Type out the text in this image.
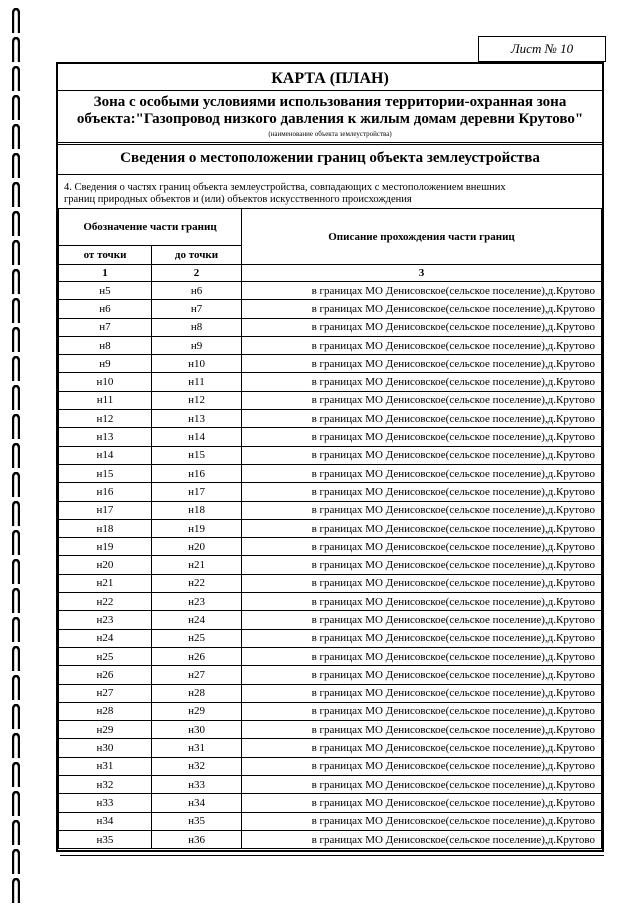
Лист № 10
КАРТА (ПЛАН)
Зона с особыми условиями использования территории-охранная зона
объекта:"Газопровод низкого давления к жилым домам деревни Крутово"
(наименование объекта землеустройства)
Сведения о местоположении границ объекта землеустройства
4. Сведения о частях границ объекта землеустройства, совпадающих с местоположением внешних
границ природных объектов и (или) объектов искусственного происхождения
Обозначение части границ		Описание прохождения части границ
от точки	до точки	
1	2	3
н5	н6	в границах МО Денисовское(сельское поселение),д.Крутово
н6	н7	в границах МО Денисовское(сельское поселение),д.Крутово
н7	н8	в границах МО Денисовское(сельское поселение),д.Крутово
н8	н9	в границах МО Денисовское(сельское поселение),д.Крутово
н9	н10	в границах МО Денисовское(сельское поселение),д.Крутово
н10	н11	в границах МО Денисовское(сельское поселение),д.Крутово
н11	н12	в границах МО Денисовское(сельское поселение),д.Крутово
н12	н13	в границах МО Денисовское(сельское поселение),д.Крутово
н13	н14	в границах МО Денисовское(сельское поселение),д.Крутово
н14	н15	в границах МО Денисовское(сельское поселение),д.Крутово
н15	н16	в границах МО Денисовское(сельское поселение),д.Крутово
н16	н17	в границах МО Денисовское(сельское поселение),д.Крутово
н17	н18	в границах МО Денисовское(сельское поселение),д.Крутово
н18	н19	в границах МО Денисовское(сельское поселение),д.Крутово
н19	н20	в границах МО Денисовское(сельское поселение),д.Крутово
н20	н21	в границах МО Денисовское(сельское поселение),д.Крутово
н21	н22	в границах МО Денисовское(сельское поселение),д.Крутово
н22	н23	в границах МО Денисовское(сельское поселение),д.Крутово
н23	н24	в границах МО Денисовское(сельское поселение),д.Крутово
н24	н25	в границах МО Денисовское(сельское поселение),д.Крутово
н25	н26	в границах МО Денисовское(сельское поселение),д.Крутово
н26	н27	в границах МО Денисовское(сельское поселение),д.Крутово
н27	н28	в границах МО Денисовское(сельское поселение),д.Крутово
н28	н29	в границах МО Денисовское(сельское поселение),д.Крутово
н29	н30	в границах МО Денисовское(сельское поселение),д.Крутово
н30	н31	в границах МО Денисовское(сельское поселение),д.Крутово
н31	н32	в границах МО Денисовское(сельское поселение),д.Крутово
н32	н33	в границах МО Денисовское(сельское поселение),д.Крутово
н33	н34	в границах МО Денисовское(сельское поселение),д.Крутово
н34	н35	в границах МО Денисовское(сельское поселение),д.Крутово
н35	н36	в границах МО Денисовское(сельское поселение),д.Крутово
